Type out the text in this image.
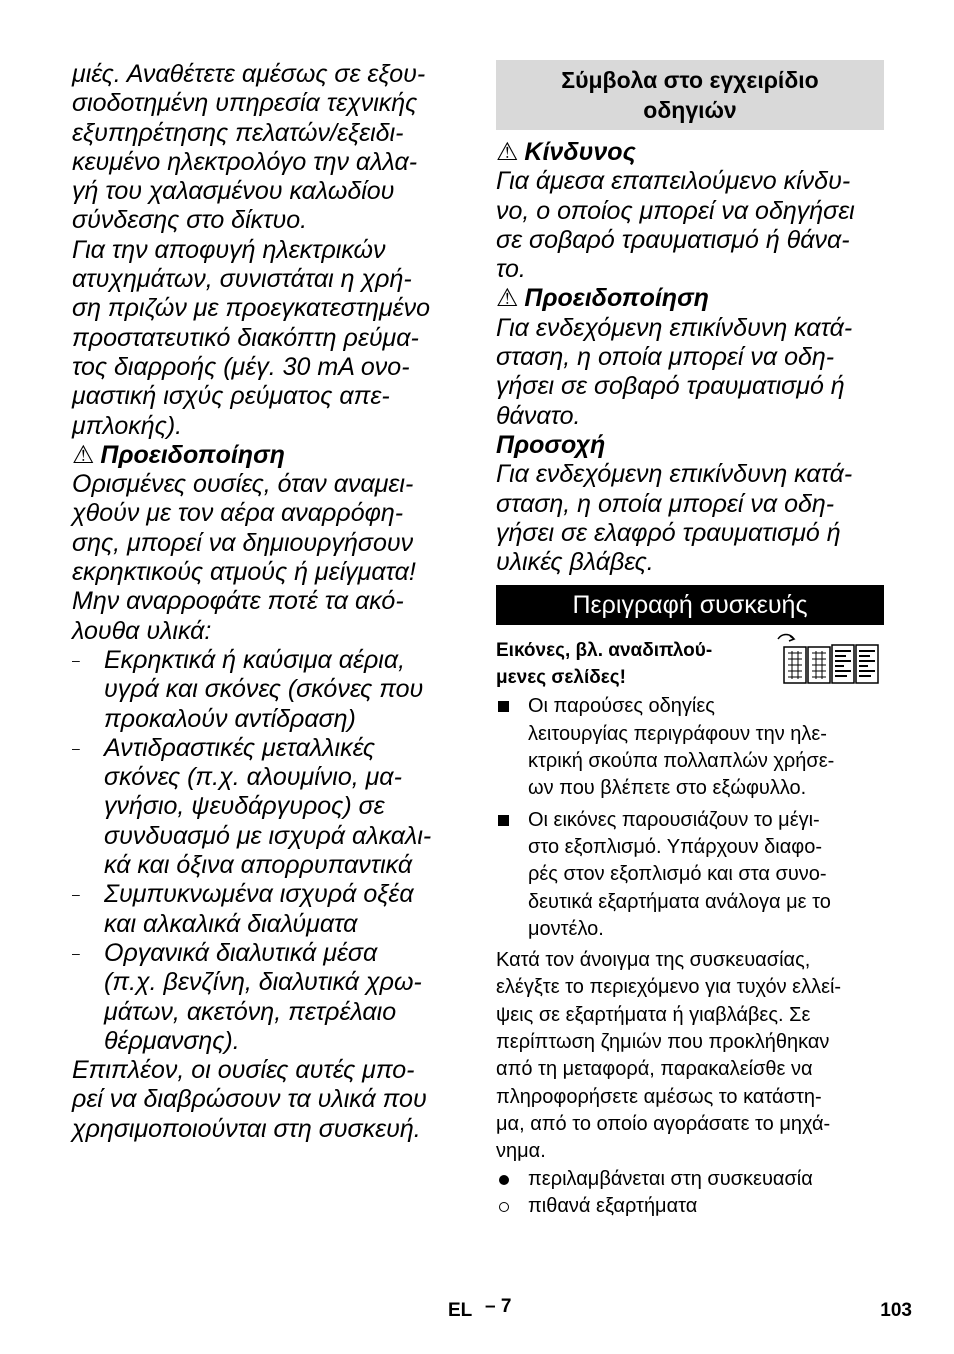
μιές. Αναθέτετε αμέσως σε εξου-
σιοδοτημένη υπηρεσία τεχνικής
εξυπηρέτησης πελατών/εξειδι-
κευμένο ηλεκτρολόγο την αλλα-
γή του χαλασμένου καλωδίου
σύνδεσης στο δίκτυο.
Για την αποφυγή ηλεκτρικών
ατυχημάτων, συνιστάται η χρή-
ση πριζών με προεγκατεστημένο
προστατευτικό διακόπτη ρεύμα-
τος διαρροής (μέγ. 30 mA ονο-
μαστική ισχύς ρεύματος απε-
μπλοκής).
⚠ Προειδοποίηση
Ορισμένες ουσίες, όταν αναμει-
χθούν με τον αέρα αναρρόφη-
σης, μπορεί να δημιουργήσουν
εκρηκτικούς ατμούς ή μείγματα!
Μην αναρροφάτε ποτέ τα ακό-
λουθα υλικά:
– Εκρηκτικά ή καύσιμα αέρια,
υγρά και σκόνες (σκόνες που
προκαλούν αντίδραση)
– Αντιδραστικές μεταλλικές
σκόνες (π.χ. αλουμίνιο, μα-
γνήσιο, ψευδάργυρος) σε
συνδυασμό με ισχυρά αλκαλι-
κά και όξινα απορρυπαντικά
– Συμπυκνωμένα ισχυρά οξέα
και αλκαλικά διαλύματα
– Οργανικά διαλυτικά μέσα
(π.χ. βενζίνη, διαλυτικά χρω-
μάτων, ακετόνη, πετρέλαιο
θέρμανσης).
Επιπλέον, οι ουσίες αυτές μπο-
ρεί να διαβρώσουν τα υλικά που
χρησιμοποιούνται στη συσκευή.
Σύμβολα στο εγχειρίδιο
οδηγιών
⚠ Κίνδυνος
Για άμεσα επαπειλούμενο κίνδυ-
νο, ο οποίος μπορεί να οδηγήσει
σε σοβαρό τραυματισμό ή θάνα-
το.
⚠ Προειδοποίηση
Για ενδεχόμενη επικίνδυνη κατά-
σταση, η οποία μπορεί να οδη-
γήσει σε σοβαρό τραυματισμό ή
θάνατο.
Προσοχή
Για ενδεχόμενη επικίνδυνη κατά-
σταση, η οποία μπορεί να οδη-
γήσει σε ελαφρό τραυματισμό ή
υλικές βλάβες.
Περιγραφή συσκευής
Εικόνες, βλ. αναδιπλού-
μενες σελίδες!
Οι παρούσες οδηγίες
λειτουργίας περιγράφουν την ηλε-
κτρική σκούπα πολλαπλών χρήσε-
ων που βλέπετε στο εξώφυλλο.
Οι εικόνες παρουσιάζουν το μέγι-
στο εξοπλισμό. Υπάρχουν διαφο-
ρές στον εξοπλισμό και στα συνο-
δευτικά εξαρτήματα ανάλογα με το
μοντέλο.
Κατά τον άνοιγμα της συσκευασίας,
ελέγξτε το περιεχόμενο για τυχόν ελλεί-
ψεις σε εξαρτήματα ή γιαβλάβες. Σε
περίπτωση ζημιών που προκλήθηκαν
από τη μεταφορά, παρακαλείσθε να
πληροφορήσετε αμέσως το κατάστη-
μα, από το οποίο αγοράσατε το μηχά-
νημα.
περιλαμβάνεται στη συσκευασία
πιθανά εξαρτήματα
EL – 7	103
